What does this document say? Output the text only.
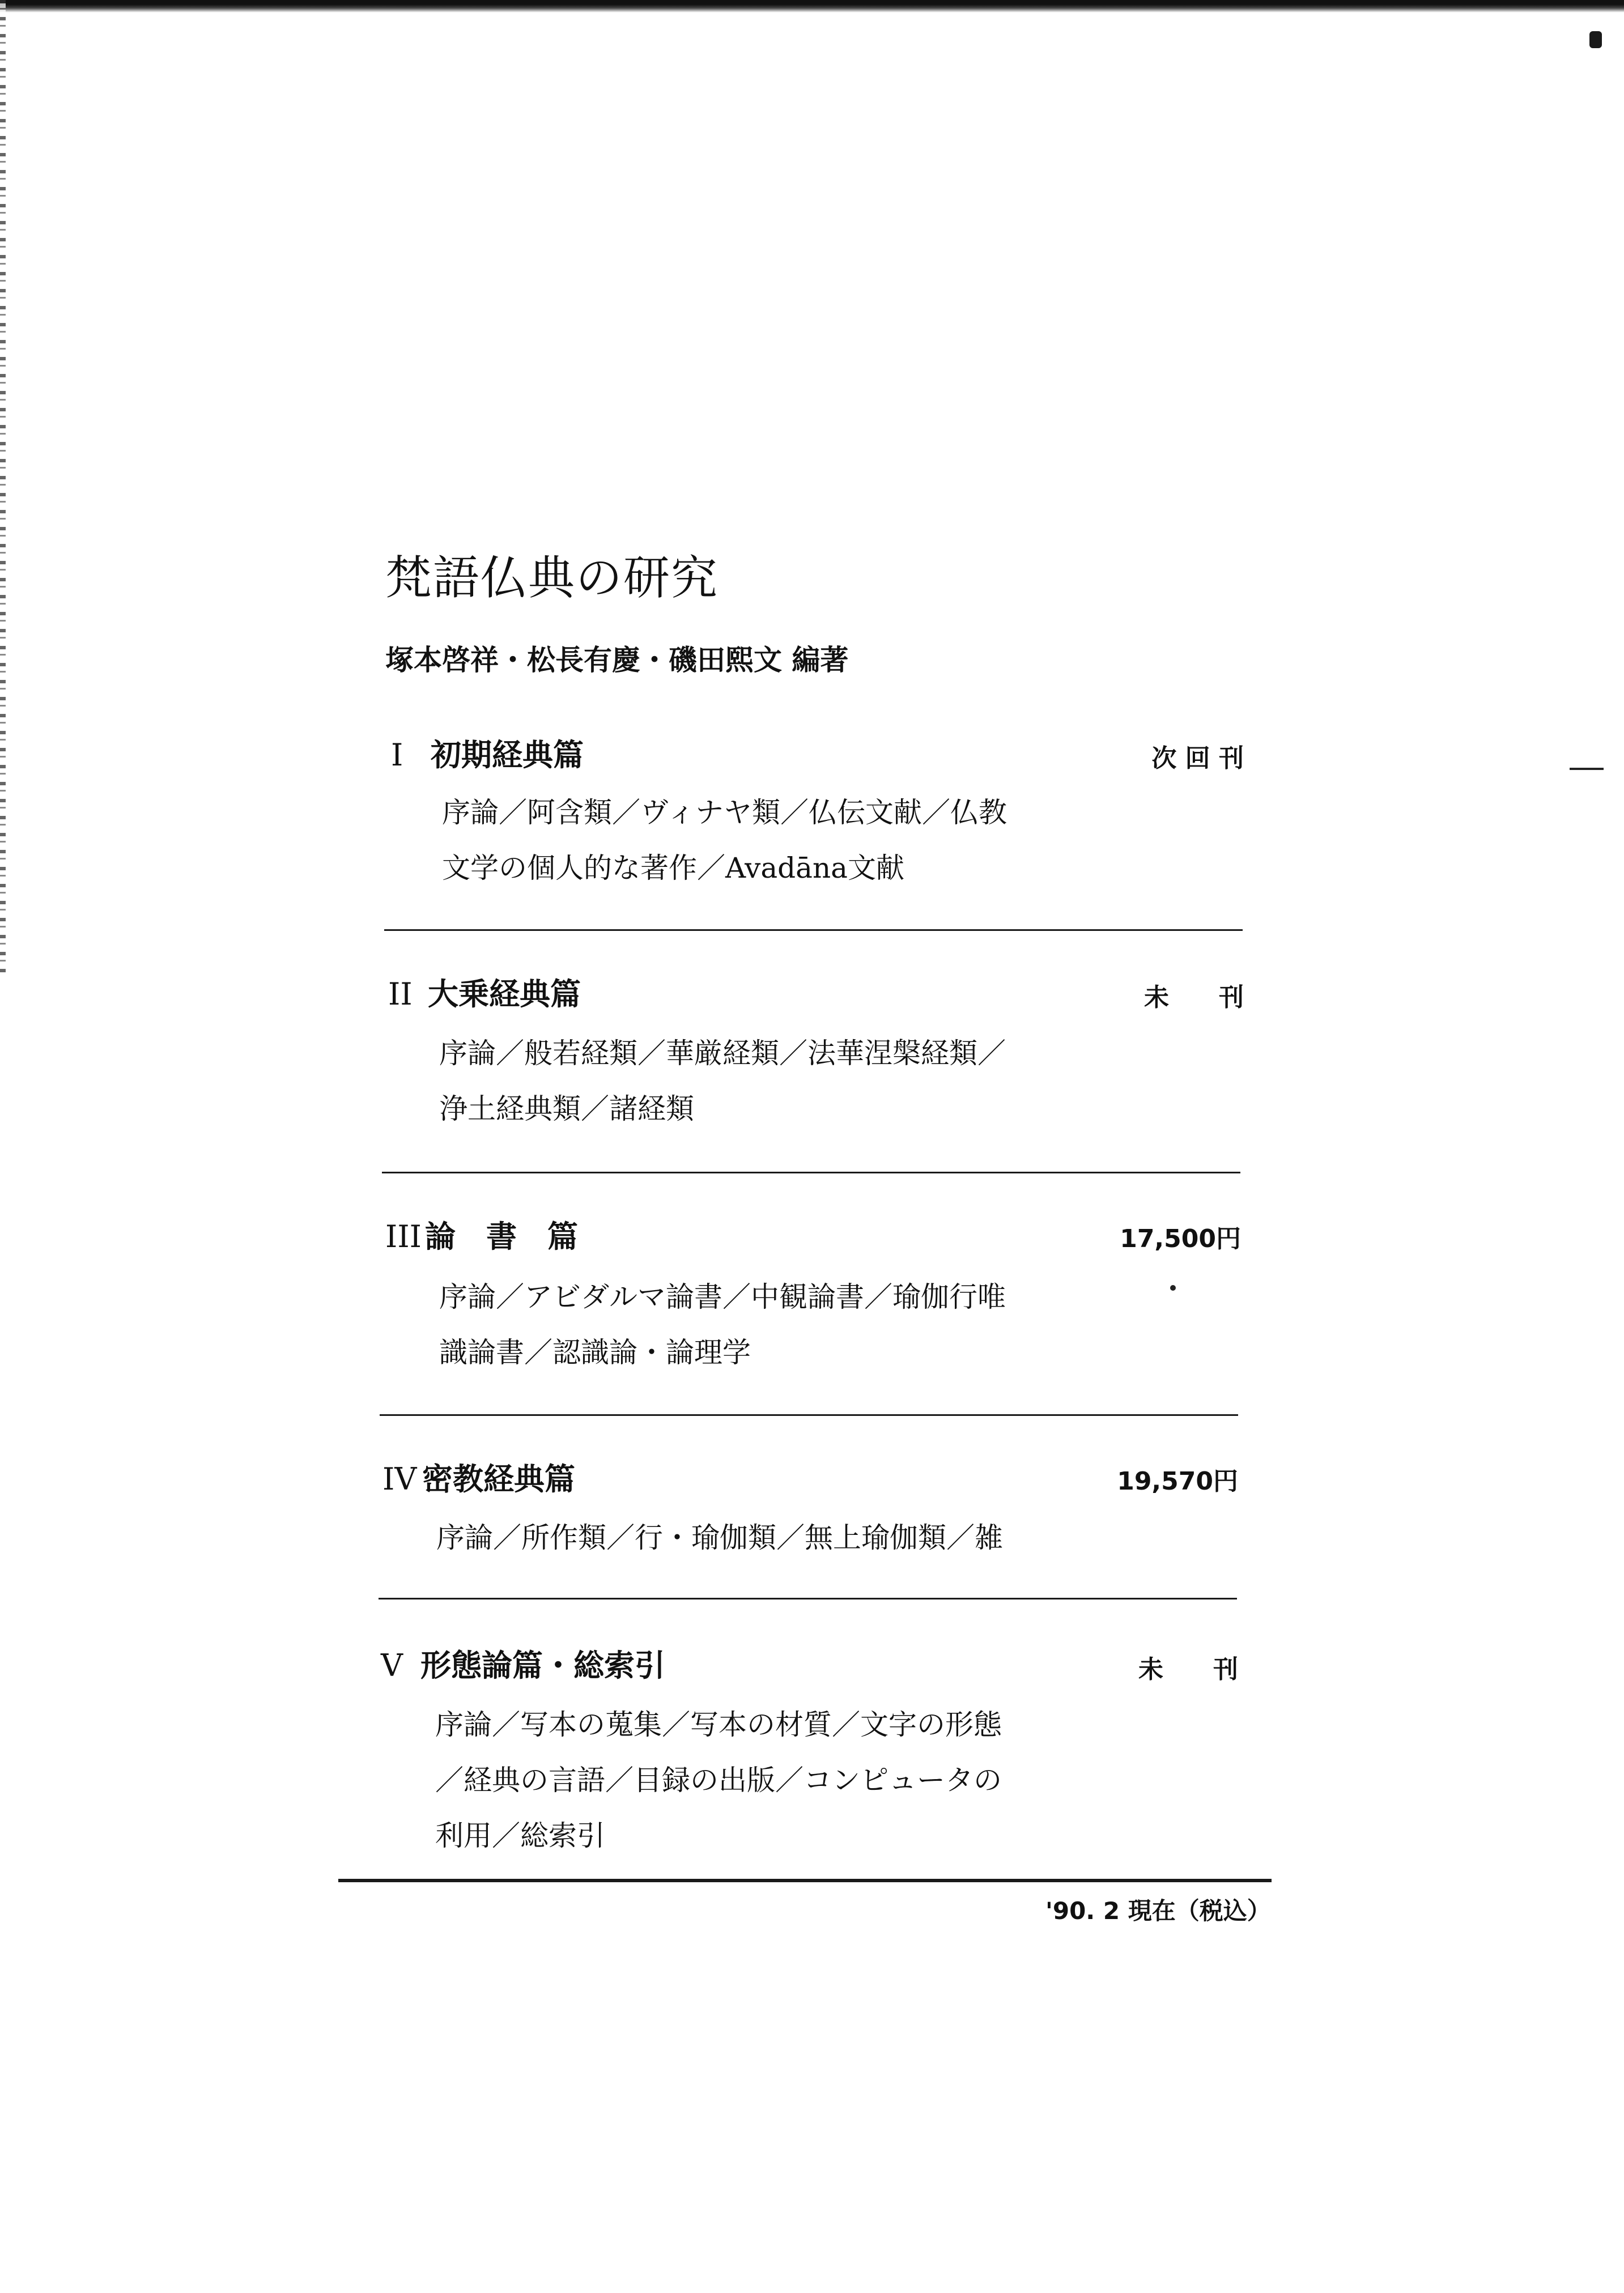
梵語仏典の研究
塚本啓祥・松長有慶・磯田熙文 編著
I 初期経典篇	次 回 刊
序論／阿含類／ヴィナヤ類／仏伝文献／仏教
文学の個人的な著作／Avadāna文献
II 大乗経典篇	未　　刊
序論／般若経類／華厳経類／法華涅槃経類／
浄土経典類／諸経類
III 論　書　篇	17,500円
序論／アビダルマ論書／中観論書／瑜伽行唯
識論書／認識論・論理学
IV 密教経典篇	19,570円
序論／所作類／行・瑜伽類／無上瑜伽類／雑
V 形態論篇・総索引	未　　刊
序論／写本の蒐集／写本の材質／文字の形態
／経典の言語／目録の出版／コンピュータの
利用／総索引
'90. 2 現在（税込）
